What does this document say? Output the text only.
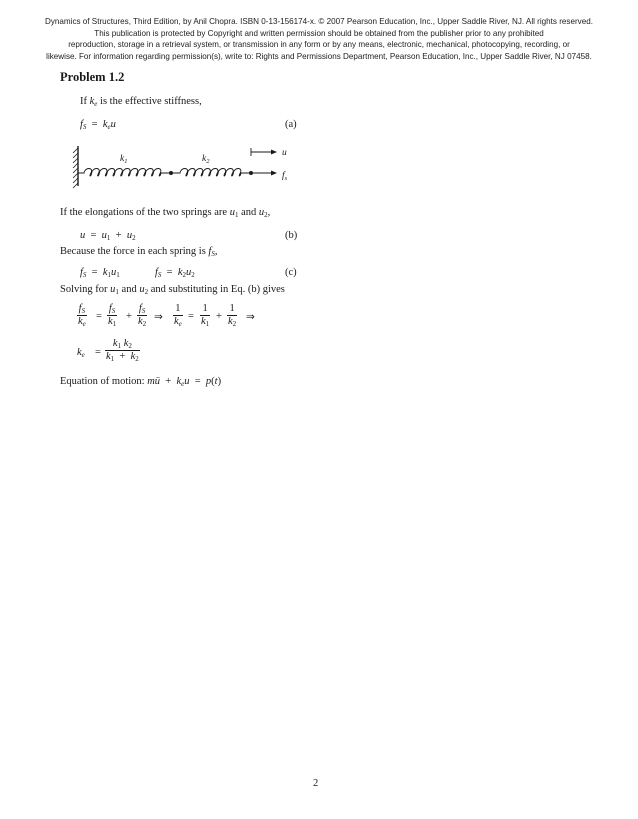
Dynamics of Structures, Third Edition, by Anil Chopra. ISBN 0-13-156174-x. © 2007 Pearson Education, Inc., Upper Saddle River, NJ. All rights reserved.
This publication is protected by Copyright and written permission should be obtained from the publisher prior to any prohibited
reproduction, storage in a retrieval system, or transmission in any form or by any means, electronic, mechanical, photocopying, recording, or
likewise. For information regarding permission(s), write to: Rights and Permissions Department, Pearson Education, Inc., Upper Saddle River, NJ 07458.
Problem 1.2
If $k_e$ is the effective stiffness,
$f_S = k_eu$	(a)
$k_1$	$k_2$
u
$f_s$
If the elongations of the two springs are $u_1$ and $u_2$,
$u = u_1 + u_2$	(b)
Because the force in each spring is $f_S$,
$f_S = k_1u_1$	$f_S = k_2u_2$	(c)
Solving for $u_1$ and $u_2$ and substituting in Eq. (b) gives
$\frac{f_S}{k_e} = \frac{f_S}{k_1} + \frac{f_S}{k_2}$ ⇒ $\frac{1}{k_e} = \frac{1}{k_1} + \frac{1}{k_2}$ ⇒
$k_e = \frac{k_1 k_2}{k_1 + k_2}$
Equation of motion: mü  +  $k_eu = p(t)$
2
